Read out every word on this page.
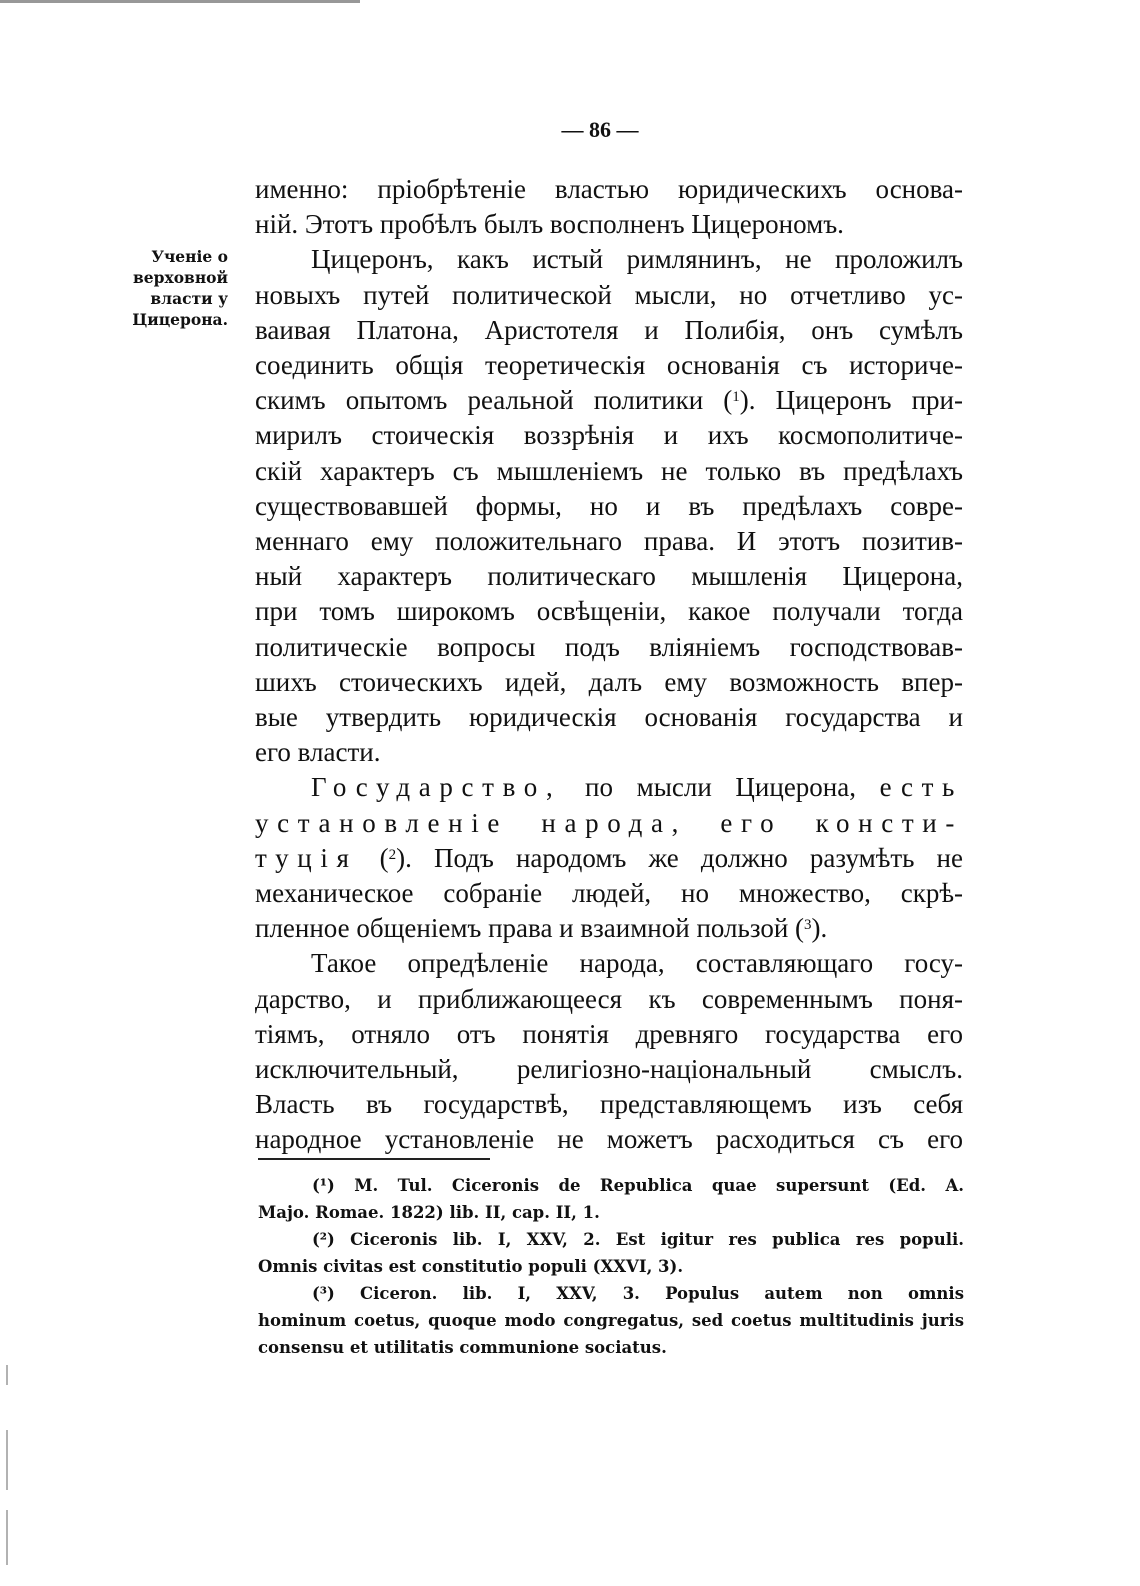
— 86 —
Ученіе о
верховной
власти у
Цицерона.
именно: пріобрѣтеніе властью юридическихъ основа-
ній. Этотъ пробѣлъ былъ восполненъ Цицерономъ.
Цицеронъ, какъ истый римлянинъ, не проложилъ
новыхъ путей политической мысли, но отчетливо ус-
ваивая Платона, Аристотеля и Полибія, онъ сумѣлъ
соединить общія теоретическія основанія съ историче-
скимъ опытомъ реальной политики ($^1$). Цицеронъ при-
мирилъ стоическія воззрѣнія и ихъ космополитиче-
скій характеръ съ мышленіемъ не только въ предѣлахъ
существовавшей формы, но и въ предѣлахъ совре-
меннаго ему положительнаго права. И этотъ позитив-
ный характеръ политическаго мышленія Цицерона,
при томъ широкомъ освѣщеніи, какое получали тогда
политическіе вопросы подъ вліяніемъ господствовав-
шихъ стоическихъ идей, далъ ему возможность впер-
вые утвердить юридическія основанія государства и
его власти.
Государство, по мысли Цицерона, есть
установленіе народа, его консти-
туція ($^2$). Подъ народомъ же должно разумѣть не
механическое собраніе людей, но множество, скрѣ-
пленное общеніемъ права и взаимной пользой ($^3$).
Такое опредѣленіе народа, составляющаго госу-
дарство, и приближающееся къ современнымъ поня-
тіямъ, отняло отъ понятія древняго государства его
исключительный, религіозно-національный смыслъ.
Власть въ государствѣ, представляющемъ изъ себя
народное установленіе не можетъ расходиться съ его
(¹) M. Tul. Ciceronis de Republica quae supersunt (Ed. A.
Majo. Romae. 1822) lib. II, cap. II, 1.
(²) Ciceronis lib. I, XXV, 2. Est igitur res publica res populi.
Omnis civitas est constitutio populi (XXVI, 3).
(³) Ciceron. lib. I, XXV, 3. Populus autem non omnis
hominum coetus, quoque modo congregatus, sed coetus multitudinis juris
consensu et utilitatis communione sociatus.
